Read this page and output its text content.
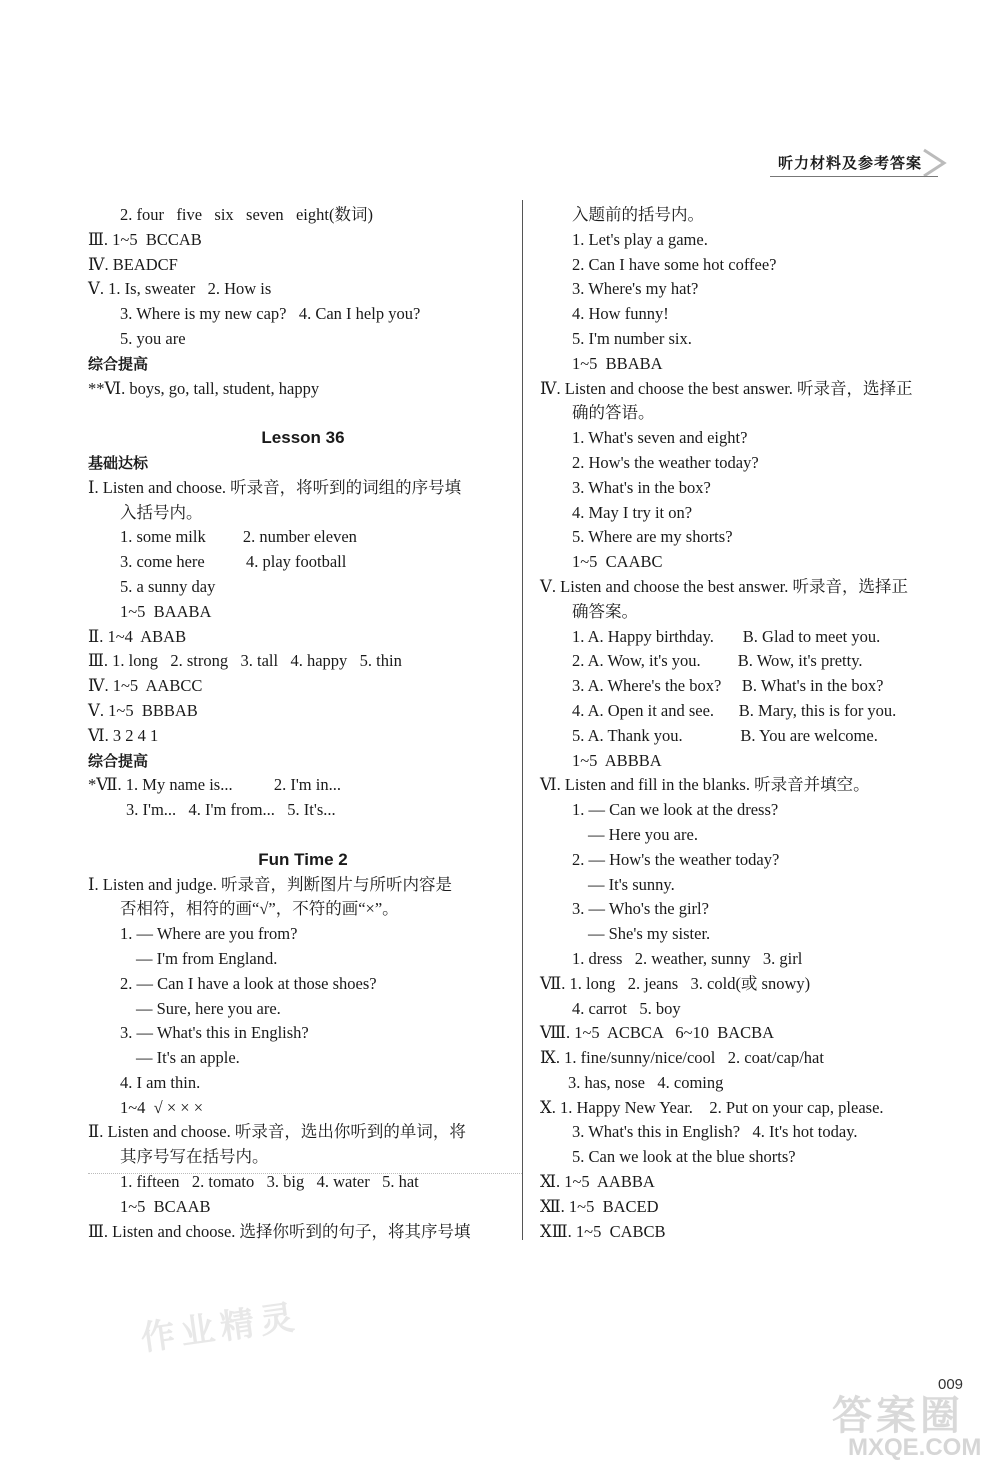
听力材料及参考答案
2. four   five   six   seven   eight(数词)
Ⅲ. 1~5  BCCAB
Ⅳ. BEADCF
Ⅴ. 1. Is, sweater   2. How is
3. Where is my new cap?   4. Can I help you?
5. you are
综合提高
**Ⅵ. boys, go, tall, student, happy
Lesson 36
基础达标
Ⅰ. Listen and choose. 听录音，将听到的词组的序号填
入括号内。
1. some milk         2. number eleven
3. come here          4. play football
5. a sunny day
1~5  BAABA
Ⅱ. 1~4  ABAB
Ⅲ. 1. long   2. strong   3. tall   4. happy   5. thin
Ⅳ. 1~5  AABCC
Ⅴ. 1~5  BBBAB
Ⅵ. 3 2 4 1
综合提高
*Ⅶ. 1. My name is...          2. I'm in...
3. I'm...   4. I'm from...   5. It's...
Fun Time 2
Ⅰ. Listen and judge. 听录音，判断图片与所听内容是
否相符，相符的画“√”，不符的画“×”。
1. — Where are you from?
— I'm from England.
2. — Can I have a look at those shoes?
— Sure, here you are.
3. — What's this in English?
— It's an apple.
4. I am thin.
1~4  √ × × ×
Ⅱ. Listen and choose. 听录音，选出你听到的单词，将
其序号写在括号内。
1. fifteen   2. tomato   3. big   4. water   5. hat
1~5  BCAAB
Ⅲ. Listen and choose. 选择你听到的句子，将其序号填
入题前的括号内。
1. Let's play a game.
2. Can I have some hot coffee?
3. Where's my hat?
4. How funny!
5. I'm number six.
1~5  BBABA
Ⅳ. Listen and choose the best answer. 听录音，选择正
确的答语。
1. What's seven and eight?
2. How's the weather today?
3. What's in the box?
4. May I try it on?
5. Where are my shorts?
1~5  CAABC
Ⅴ. Listen and choose the best answer. 听录音，选择正
确答案。
1. A. Happy birthday.       B. Glad to meet you.
2. A. Wow, it's you.         B. Wow, it's pretty.
3. A. Where's the box?     B. What's in the box?
4. A. Open it and see.      B. Mary, this is for you.
5. A. Thank you.              B. You are welcome.
1~5  ABBBA
Ⅵ. Listen and fill in the blanks. 听录音并填空。
1. — Can we look at the dress?
— Here you are.
2. — How's the weather today?
— It's sunny.
3. — Who's the girl?
— She's my sister.
1. dress   2. weather, sunny   3. girl
Ⅶ. 1. long   2. jeans   3. cold(或 snowy)
4. carrot   5. boy
Ⅷ. 1~5  ACBCA   6~10  BACBA
Ⅸ. 1. fine/sunny/nice/cool   2. coat/cap/hat
3. has, nose   4. coming
Ⅹ. 1. Happy New Year.    2. Put on your cap, please.
3. What's this in English?   4. It's hot today.
5. Can we look at the blue shorts?
Ⅺ. 1~5  AABBA
Ⅻ. 1~5  BACED
ⅩⅢ. 1~5  CABCB
作业精灵
009
答案圈
MXQE.COM
